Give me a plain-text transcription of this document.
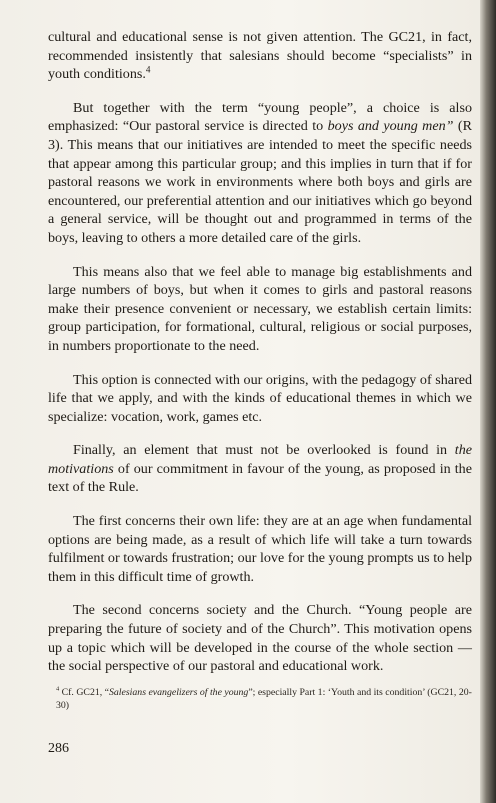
cultural and educational sense is not given attention. The GC21, in fact, recommended insistently that salesians should become “specialists” in youth conditions.$^4$

But together with the term “young people”, a choice is also emphasized: “Our pastoral service is directed to boys and young men” (R 3). This means that our initiatives are intended to meet the specific needs that appear among this particular group; and this implies in turn that if for pastoral reasons we work in environments where both boys and girls are encountered, our preferential attention and our initiatives which go beyond a general service, will be thought out and programmed in terms of the boys, leaving to others a more detailed care of the girls.

This means also that we feel able to manage big establishments and large numbers of boys, but when it comes to girls and pastoral reasons make their presence convenient or necessary, we establish certain limits: group participation, for formational, cultural, religious or social purposes, in numbers proportionate to the need.

This option is connected with our origins, with the pedagogy of shared life that we apply, and with the kinds of educational themes in which we specialize: vocation, work, games etc.

Finally, an element that must not be overlooked is found in the motivations of our commitment in favour of the young, as proposed in the text of the Rule.

The first concerns their own life: they are at an age when fundamental options are being made, as a result of which life will take a turn towards fulfilment or towards frustration; our love for the young prompts us to help them in this difficult time of growth.

The second concerns society and the Church. “Young people are preparing the future of society and of the Church”. This motivation opens up a topic which will be developed in the course of the whole section — the social perspective of our pastoral and educational work.

$^4$ Cf. GC21, “Salesians evangelizers of the young”; especially Part 1: ‘Youth and its condition’ (GC21, 20-30)

286
